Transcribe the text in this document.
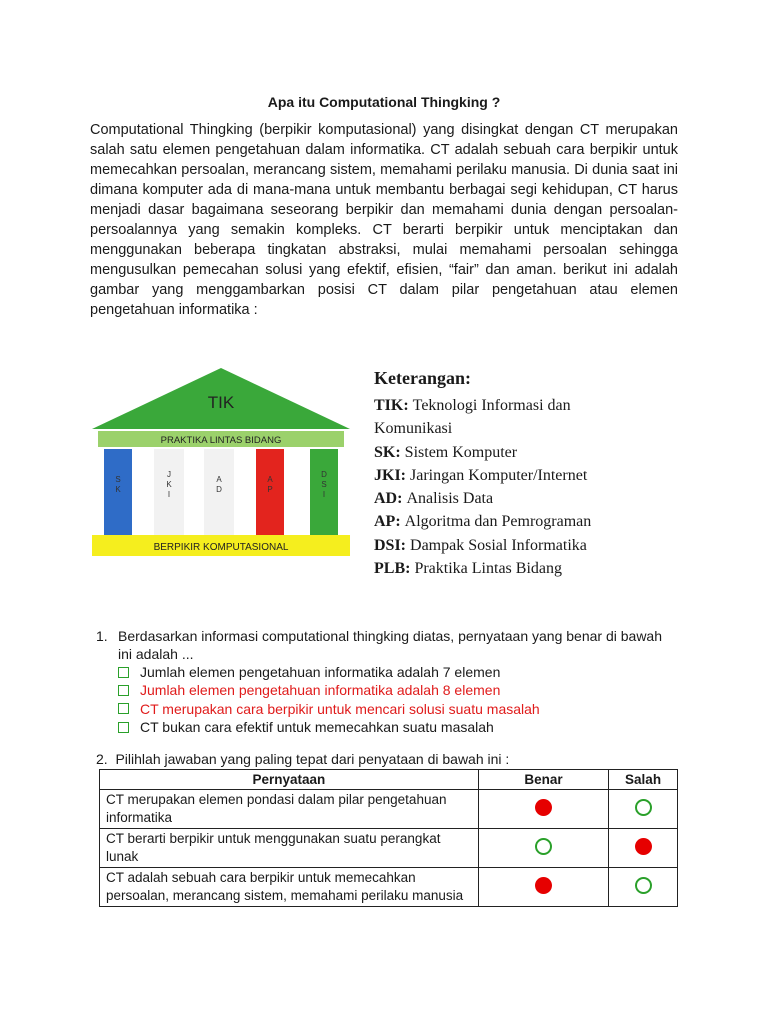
Apa itu Computational Thingking ?

Computational Thingking (berpikir komputasional) yang disingkat dengan CT merupakan salah satu elemen pengetahuan dalam informatika. CT adalah sebuah cara berpikir untuk memecahkan persoalan, merancang sistem, memahami perilaku manusia. Di dunia saat ini dimana komputer ada di mana-mana untuk membantu berbagai segi kehidupan, CT harus menjadi dasar bagaimana seseorang berpikir dan memahami dunia dengan persoalan-persoalannya yang semakin kompleks. CT berarti berpikir untuk menciptakan dan menggunakan beberapa tingkatan abstraksi, mulai memahami persoalan sehingga mengusulkan pemecahan solusi yang efektif, efisien, “fair” dan aman. berikut ini adalah gambar yang menggambarkan posisi CT dalam pilar pengetahuan atau elemen pengetahuan informatika :

TIK
PRAKTIKA LINTAS BIDANG
S
K
J
K
I
A
D
A
P
D
S
I
BERPIKIR KOMPUTASIONAL
Keterangan:
TIK: Teknologi Informasi dan
Komunikasi
SK: Sistem Komputer
JKI: Jaringan Komputer/Internet
AD: Analisis Data
AP: Algoritma dan Pemrograman
DSI: Dampak Sosial Informatika
PLB: Praktika Lintas Bidang
1. Berdasarkan informasi computational thingking diatas, pernyataan yang benar di bawah ini adalah ...
Jumlah elemen pengetahuan informatika adalah 7 elemen
Jumlah elemen pengetahuan informatika adalah 8 elemen
CT merupakan cara berpikir untuk mencari solusi suatu masalah
CT bukan cara efektif untuk memecahkan suatu masalah
2. Pilihlah jawaban yang paling tepat dari penyataan di bawah ini :
Pernyataan	Benar	Salah
CT merupakan elemen pondasi dalam pilar pengetahuan informatika		
CT berarti berpikir untuk menggunakan suatu perangkat lunak		
CT adalah sebuah cara berpikir untuk memecahkan persoalan, merancang sistem, memahami perilaku manusia		
